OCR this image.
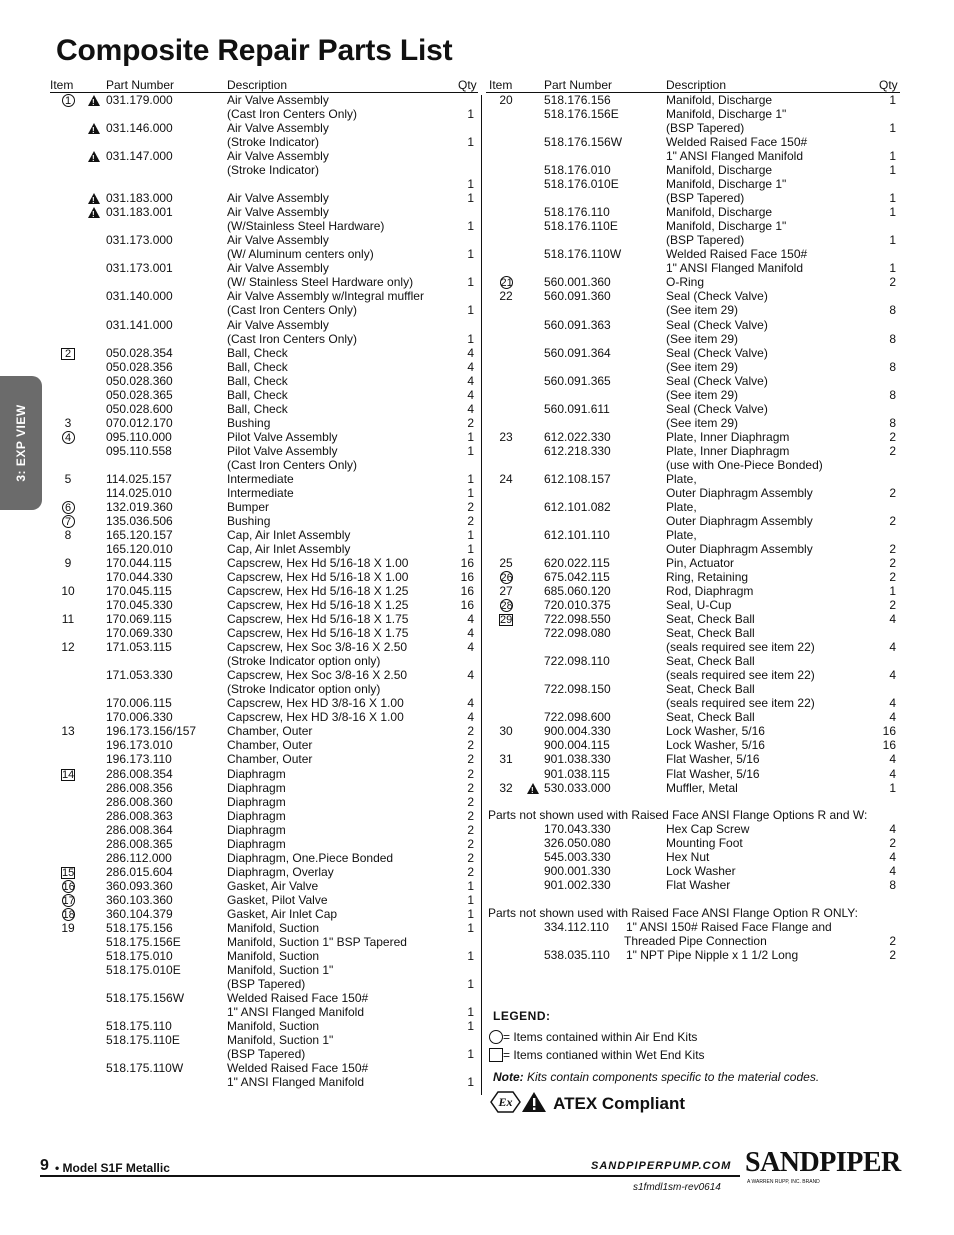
Composite Repair Parts List
3: EXP VIEW
Item	Part Number	Description	Qty Item	Part Number	Description	Qty
1 !	031.179.000	Air Valve Assembly
(Cast Iron Centers Only)	1
!
031.146.000	Air Valve Assembly
(Stroke Indicator)	1
!
031.147.000	Air Valve Assembly
(Stroke Indicator)
1
!
031.183.000	Air Valve Assembly	1
!
031.183.001	Air Valve Assembly
(W/Stainless Steel Hardware)	1
031.173.000	Air Valve Assembly
(W/ Aluminum centers only)	1
031.173.001	Air Valve Assembly
(W/ Stainless Steel Hardware only)	1
031.140.000	Air Valve Assembly w/Integral muffler
(Cast Iron Centers Only)	1
031.141.000	Air Valve Assembly
(Cast Iron Centers Only)	1
2	050.028.354	Ball, Check	4
050.028.356	Ball, Check	4
050.028.360	Ball, Check	4
050.028.365	Ball, Check	4
050.028.600	Ball, Check	4
3	070.012.170	Bushing	2
4	095.110.000	Pilot Valve Assembly	1
095.110.558	Pilot Valve Assembly	1
(Cast Iron Centers Only)
5	114.025.157	Intermediate	1
114.025.010	Intermediate	1
6	132.019.360	Bumper	2
7	135.036.506	Bushing	2
8	165.120.157	Cap, Air Inlet Assembly	1
165.120.010	Cap, Air Inlet Assembly	1
9	170.044.115	Capscrew, Hex Hd 5/16-18 X 1.00	16
170.044.330	Capscrew, Hex Hd 5/16-18 X 1.00	16
10	170.045.115	Capscrew, Hex Hd 5/16-18 X 1.25	16
170.045.330	Capscrew, Hex Hd 5/16-18 X 1.25	16
11	170.069.115	Capscrew, Hex Hd 5/16-18 X 1.75	4
170.069.330	Capscrew, Hex Hd 5/16-18 X 1.75	4
12	171.053.115	Capscrew, Hex Soc 3/8-16 X 2.50	4
(Stroke Indicator option only)
171.053.330	Capscrew, Hex Soc 3/8-16 X 2.50	4
(Stroke Indicator option only)
170.006.115	Capscrew, Hex HD 3/8-16 X 1.00	4
170.006.330	Capscrew, Hex HD 3/8-16 X 1.00	4
13	196.173.156/157	Chamber, Outer	2
196.173.010	Chamber, Outer	2
196.173.110	Chamber, Outer	2
14	286.008.354	Diaphragm	2
286.008.356	Diaphragm	2
286.008.360	Diaphragm	2
286.008.363	Diaphragm	2
286.008.364	Diaphragm	2
286.008.365	Diaphragm	2
286.112.000	Diaphragm, One.Piece Bonded	2
15	286.015.604	Diaphragm, Overlay	2
16	360.093.360	Gasket, Air Valve	1
17	360.103.360	Gasket, Pilot Valve	1
18	360.104.379	Gasket, Air Inlet Cap	1
19	518.175.156	Manifold, Suction	1
518.175.156E	Manifold, Suction 1" BSP Tapered
518.175.010	Manifold, Suction	1
518.175.010E	Manifold, Suction 1"
(BSP Tapered)	1
518.175.156W	Welded Raised Face 150#
1" ANSI Flanged Manifold	1
518.175.110	Manifold, Suction	1
518.175.110E	Manifold, Suction 1"
(BSP Tapered)	1
518.175.110W	Welded Raised Face 150#
1" ANSI Flanged Manifold	1
20	518.176.156	Manifold, Discharge	1
518.176.156E	Manifold, Discharge 1"
(BSP Tapered)	1
518.176.156W	Welded Raised Face 150#
1" ANSI Flanged Manifold	1
518.176.010	Manifold, Discharge	1
518.176.010E	Manifold, Discharge 1"
(BSP Tapered)	1
518.176.110	Manifold, Discharge	1
518.176.110E	Manifold, Discharge 1"
(BSP Tapered)	1
518.176.110W	Welded Raised Face 150#
1" ANSI Flanged Manifold	1
21	560.001.360	O-Ring	2
22	560.091.360	Seal (Check Valve)
(See item 29)	8
560.091.363	Seal (Check Valve)
(See item 29)	8
560.091.364	Seal (Check Valve)
(See item 29)	8
560.091.365	Seal (Check Valve)
(See item 29)	8
560.091.611	Seal (Check Valve)
(See item 29)	8
23	612.022.330	Plate, Inner Diaphragm	2
612.218.330	Plate, Inner Diaphragm	2
(use with One-Piece Bonded)
24	612.108.157	Plate,
Outer Diaphragm Assembly	2
612.101.082	Plate,
Outer Diaphragm Assembly	2
612.101.110	Plate,
Outer Diaphragm Assembly	2
25	620.022.115	Pin, Actuator	2
26	675.042.115	Ring, Retaining	2
27	685.060.120	Rod, Diaphragm	1
28	720.010.375	Seal, U-Cup	2
29	722.098.550	Seat, Check Ball	4
722.098.080	Seat, Check Ball
(seals required see item 22)	4
722.098.110	Seat, Check Ball
(seals required see item 22)	4
722.098.150	Seat, Check Ball
(seals required see item 22)	4
722.098.600	Seat, Check Ball	4
30	900.004.330	Lock Washer, 5/16	16
900.004.115	Lock Washer, 5/16	16
31	901.038.330	Flat Washer, 5/16	4
901.038.115	Flat Washer, 5/16	4
32 !	530.033.000	Muffler, Metal	1
Parts not shown used with Raised Face ANSI Flange Options R and W:
170.043.330	Hex Cap Screw	4
326.050.080	Mounting Foot	2
545.003.330	Hex Nut	4
900.001.330	Lock Washer	4
901.002.330	Flat Washer	8
Parts not shown used with Raised Face ANSI Flange Option R ONLY:
334.112.110 1" ANSI 150# Raised Face Flange and
Threaded Pipe Connection	2
538.035.110 1" NPT Pipe Nipple x 1 1/2 Long	2
LEGEND:
= Items contained within Air End Kits
= Items contianed within Wet End Kits
Note: Kits contain components specific to the material codes.
Ex ATEX Compliant
9 • Model S1F Metallic	SANDPIPERPUMP.COM
s1fmdl1sm-rev0614
SANDPIPER
A WARREN RUPP, INC. BRAND
